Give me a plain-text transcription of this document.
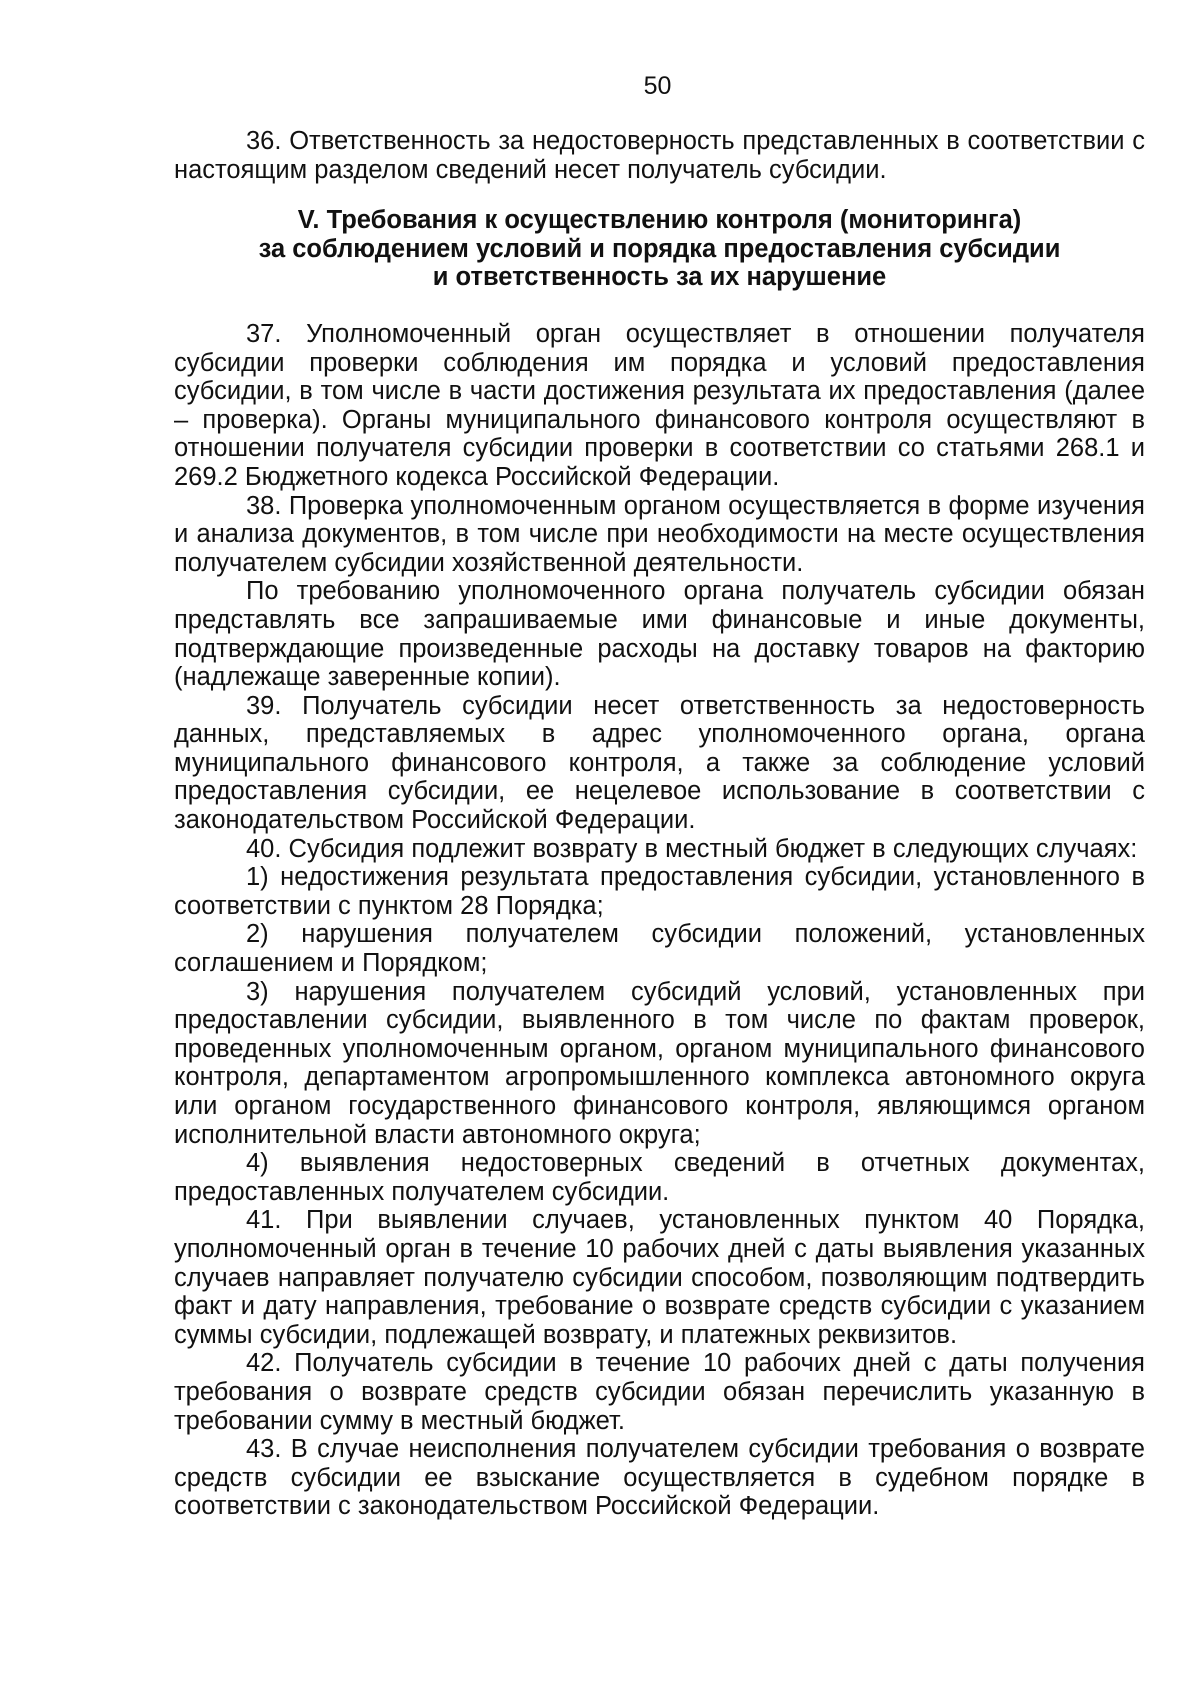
50

36. Ответственность за недостоверность представленных в соответствии с настоящим разделом сведений несет получатель субсидии.

V. Требования к осуществлению контроля (мониторинга)
за соблюдением условий и порядка предоставления субсидии
и ответственность за их нарушение

37. Уполномоченный орган осуществляет в отношении получателя субсидии проверки соблюдения им порядка и условий предоставления субсидии, в том числе в части достижения результата их предоставления (далее – проверка). Органы муниципального финансового контроля осуществляют в отношении получателя субсидии проверки в соответствии со статьями 268.1 и 269.2 Бюджетного кодекса Российской Федерации.

38. Проверка уполномоченным органом осуществляется в форме изучения и анализа документов, в том числе при необходимости на месте осуществления получателем субсидии хозяйственной деятельности.

По требованию уполномоченного органа получатель субсидии обязан представлять все запрашиваемые ими финансовые и иные документы, подтверждающие произведенные расходы на доставку товаров на факторию (надлежаще заверенные копии).

39. Получатель субсидии несет ответственность за недостоверность данных, представляемых в адрес уполномоченного органа, органа муниципального финансового контроля, а также за соблюдение условий предоставления субсидии, ее нецелевое использование в соответствии с законодательством Российской Федерации.

40. Субсидия подлежит возврату в местный бюджет в следующих случаях:

1) недостижения результата предоставления субсидии, установленного в соответствии с пунктом 28 Порядка;

2) нарушения получателем субсидии положений, установленных соглашением и Порядком;

3) нарушения получателем субсидий условий, установленных при предоставлении субсидии, выявленного в том числе по фактам проверок, проведенных уполномоченным органом, органом муниципального финансового контроля, департаментом агропромышленного комплекса автономного округа или органом государственного финансового контроля, являющимся органом исполнительной власти автономного округа;

4) выявления недостоверных сведений в отчетных документах, предоставленных получателем субсидии.

41. При выявлении случаев, установленных пунктом 40 Порядка, уполномоченный орган в течение 10 рабочих дней с даты выявления указанных случаев направляет получателю субсидии способом, позволяющим подтвердить факт и дату направления, требование о возврате средств субсидии с указанием суммы субсидии, подлежащей возврату, и платежных реквизитов.

42. Получатель субсидии в течение 10 рабочих дней с даты получения требования о возврате средств субсидии обязан перечислить указанную в требовании сумму в местный бюджет.

43. В случае неисполнения получателем субсидии требования о возврате средств субсидии ее взыскание осуществляется в судебном порядке в соответствии с законодательством Российской Федерации.
